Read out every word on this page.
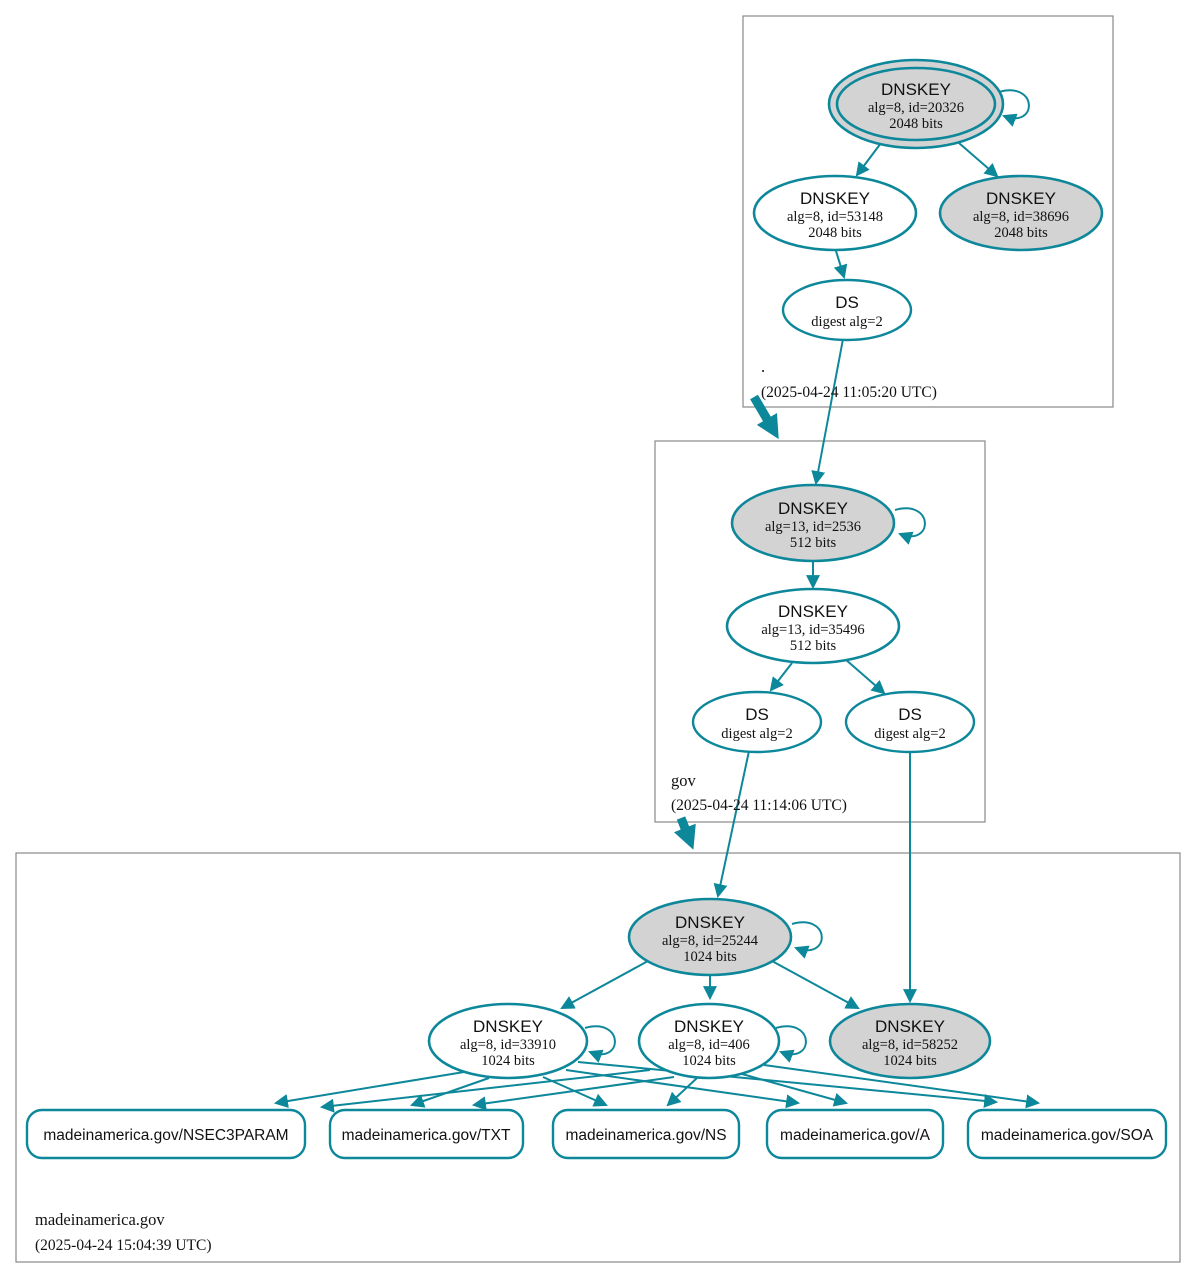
DNSKEY
alg=8, id=20326
2048 bits
DNSKEY
alg=8, id=53148
2048 bits
DNSKEY
alg=8, id=38696
2048 bits
DS
digest alg=2
.
(2025-04-24 11:05:20 UTC)
DNSKEY
alg=13, id=2536
512 bits
DNSKEY
alg=13, id=35496
512 bits
DS
digest alg=2
DS
digest alg=2
gov
(2025-04-24 11:14:06 UTC)
DNSKEY
alg=8, id=25244
1024 bits
DNSKEY
alg=8, id=33910
1024 bits
DNSKEY
alg=8, id=406
1024 bits
DNSKEY
alg=8, id=58252
1024 bits
madeinamerica.gov/NSEC3PARAM	madeinamerica.gov/TXT	madeinamerica.gov/NS	madeinamerica.gov/A	madeinamerica.gov/SOA
madeinamerica.gov
(2025-04-24 15:04:39 UTC)
